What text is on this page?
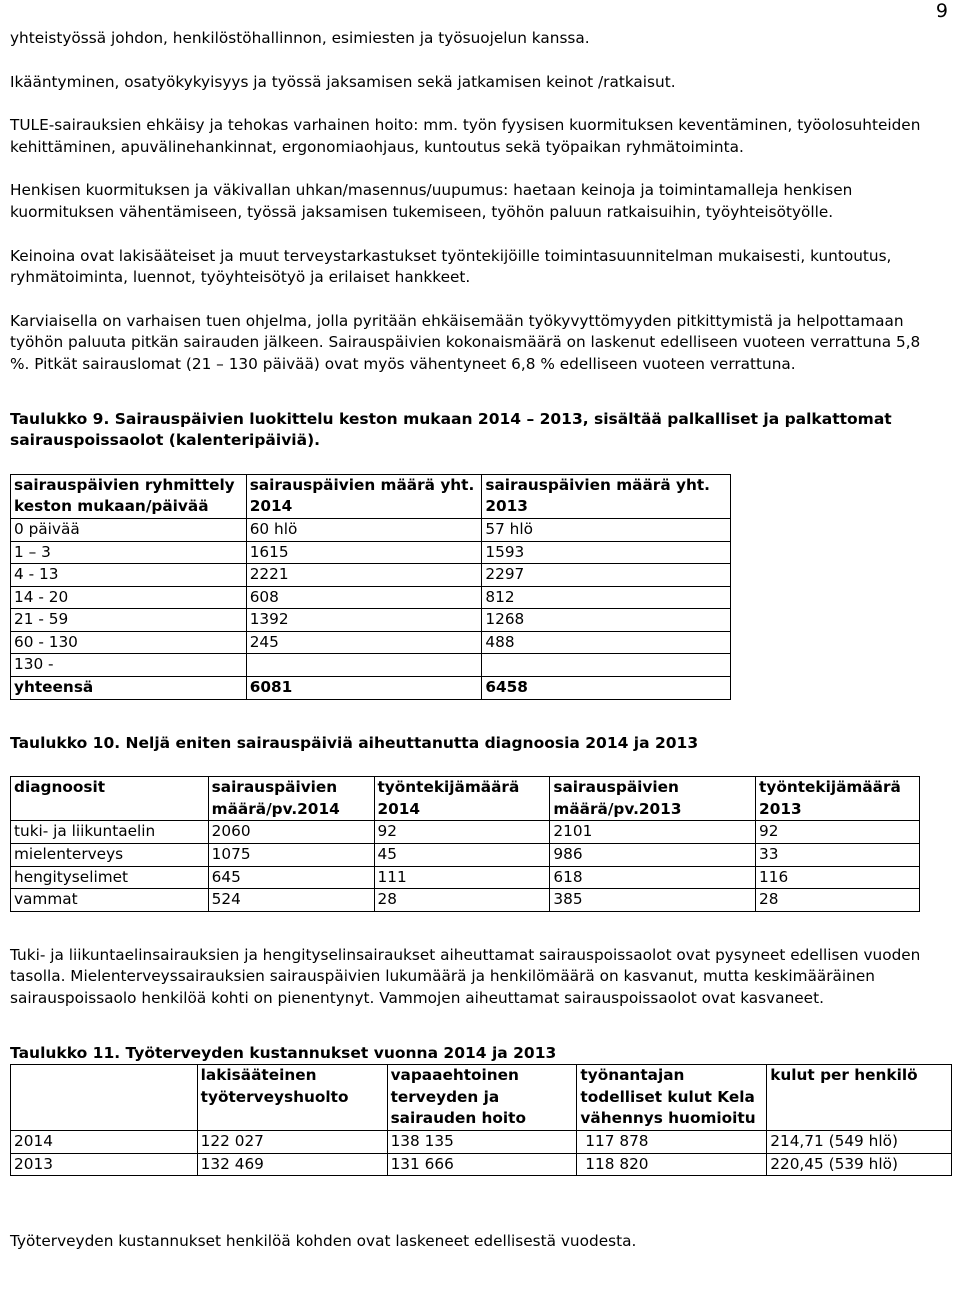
9

yhteistyössä johdon, henkilöstöhallinnon, esimiesten ja työsuojelun kanssa.

Ikääntyminen, osatyökykyisyys ja työssä jaksamisen sekä jatkamisen keinot /ratkaisut.

TULE-sairauksien ehkäisy ja tehokas varhainen hoito: mm. työn fyysisen kuormituksen keventäminen, työolosuhteiden kehittäminen, apuvälinehankinnat, ergonomiaohjaus, kuntoutus sekä työpaikan ryhmätoiminta.

Henkisen kuormituksen ja väkivallan uhkan/masennus/uupumus: haetaan keinoja ja toimintamalleja henkisen kuormituksen vähentämiseen, työssä jaksamisen tukemiseen, työhön paluun ratkaisuihin, työyhteisötyölle.

Keinoina ovat lakisääteiset ja muut terveystarkastukset työntekijöille toimintasuunnitelman mukaisesti, kuntoutus, ryhmätoiminta, luennot, työyhteisötyö ja erilaiset hankkeet.

Karviaisella on varhaisen tuen ohjelma, jolla pyritään ehkäisemään työkyvyttömyyden pitkittymistä ja helpottamaan työhön paluuta pitkän sairauden jälkeen. Sairauspäivien kokonaismäärä on laskenut edelliseen vuoteen verrattuna 5,8 %. Pitkät sairauslomat (21 – 130 päivää) ovat myös vähentyneet 6,8 % edelliseen vuoteen verrattuna.

Taulukko 9. Sairauspäivien luokittelu keston mukaan 2014 – 2013, sisältää palkalliset ja palkattomat sairauspoissaolot (kalenteripäiviä).

sairauspäivien ryhmittely keston mukaan/päivää	sairauspäivien määrä yht. 2014	sairauspäivien määrä yht. 2013
0 päivää	60 hlö	57 hlö
1 – 3	1615	1593
4 - 13	2221	2297
14 - 20	608	812
21 - 59	1392	1268
60 - 130	245	488
130 -		
yhteensä	6081	6458

Taulukko 10. Neljä eniten sairauspäiviä aiheuttanutta diagnoosia 2014 ja 2013

diagnoosit	sairauspäivien määrä/pv.2014	työntekijämäärä 2014	sairauspäivien määrä/pv.2013	työntekijämäärä 2013
tuki- ja liikuntaelin	2060	92	2101	92
mielenterveys	1075	45	986	33
hengityselimet	645	111	618	116
vammat	524	28	385	28

Tuki- ja liikuntaelinsairauksien ja hengityselinsairaukset aiheuttamat sairauspoissaolot ovat pysyneet edellisen vuoden tasolla. Mielenterveyssairauksien sairauspäivien lukumäärä ja henkilömäärä on kasvanut, mutta keskimääräinen sairauspoissaolo henkilöä kohti on pienentynyt. Vammojen aiheuttamat sairauspoissaolot ovat kasvaneet.

Taulukko 11. Työterveyden kustannukset vuonna 2014 ja 2013

	lakisääteinen työterveyshuolto	vapaaehtoinen terveyden ja sairauden hoito	työnantajan todelliset kulut Kela vähennys huomioitu	kulut per henkilö
2014	122 027	138 135	117 878	214,71 (549 hlö)
2013	132 469	131 666	118 820	220,45 (539 hlö)

Työterveyden kustannukset henkilöä kohden ovat laskeneet edellisestä vuodesta.
